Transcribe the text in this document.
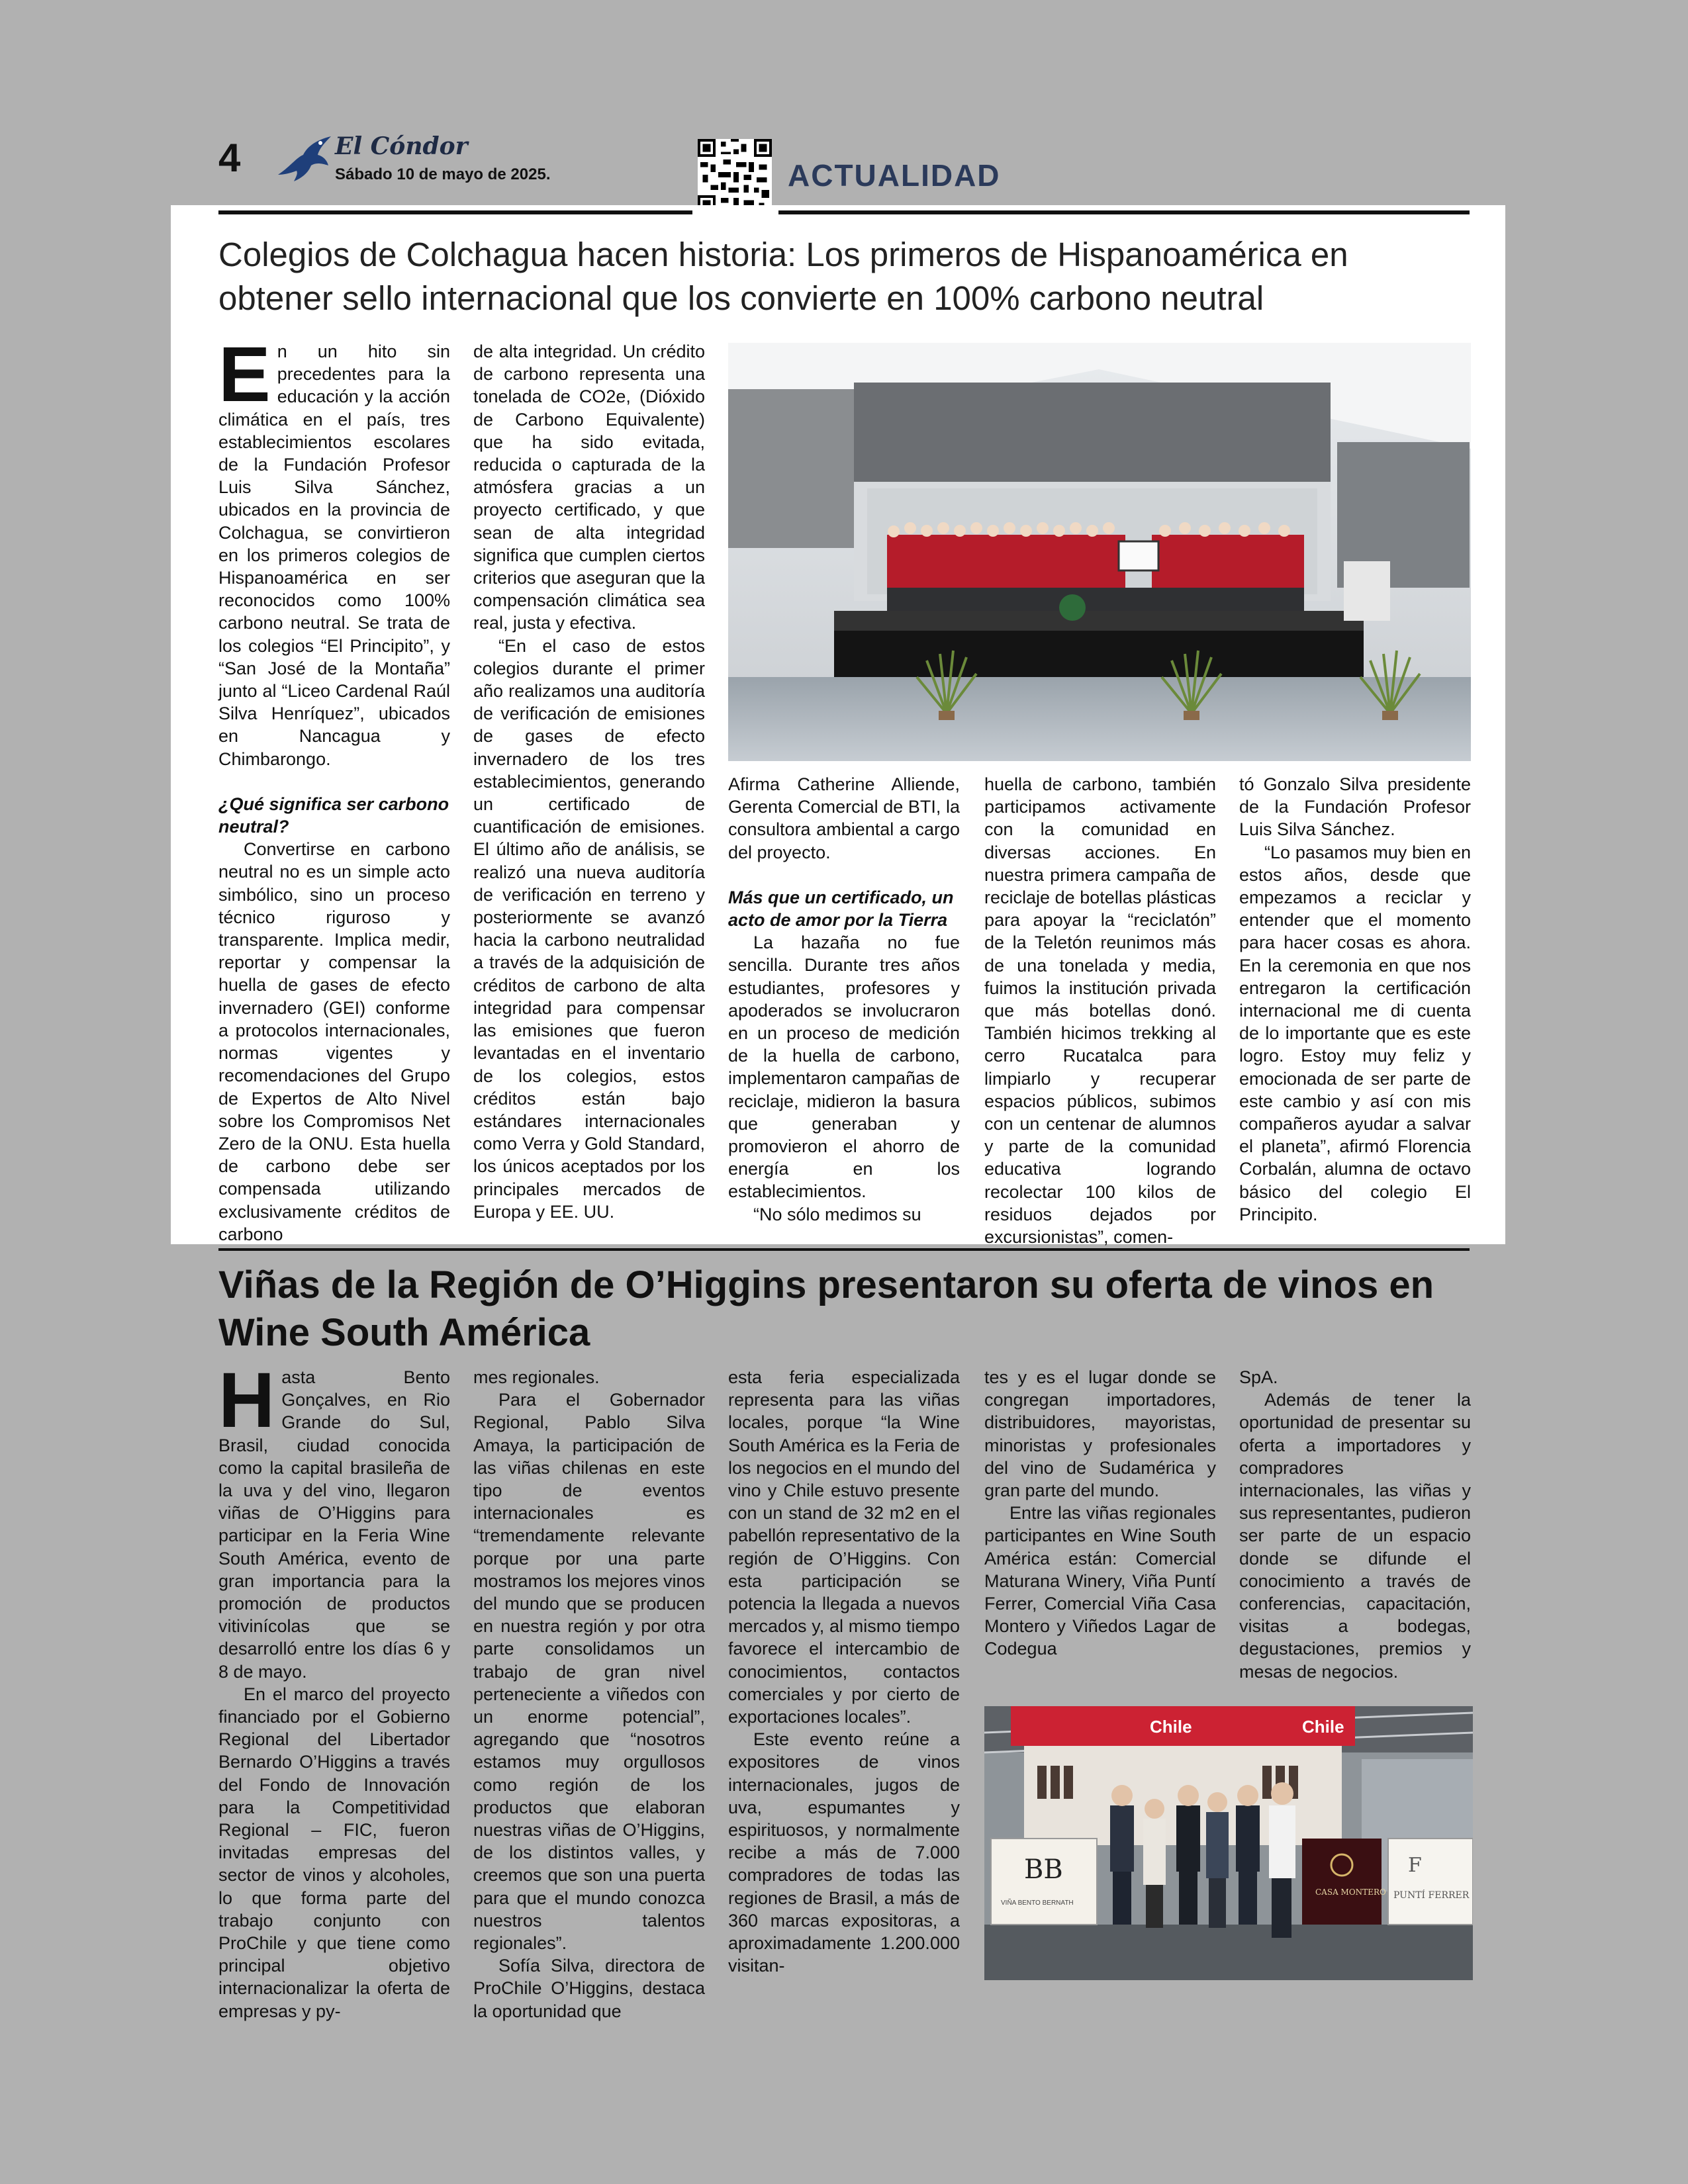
4	El Cóndor
Sábado 10 de mayo de 2025.	ACTUALIDAD
Colegios de Colchagua hacen historia: Los primeros de Hispanoamérica en obtener sello internacional que los convierte en 100% carbono neutral

En un hito sin precedentes para la educación y la acción climática en el país, tres establecimientos escolares de la Fundación Profesor Luis Silva Sánchez, ubicados en la provincia de Colchagua, se convirtieron en los primeros colegios de Hispanoamérica en ser reconocidos como 100% carbono neutral. Se trata de los colegios “El Principito”, y “San José de la Montaña” junto al “Liceo Cardenal Raúl Silva Henríquez”, ubicados en Nancagua y Chimbarongo.

¿Qué significa ser carbono neutral?

Convertirse en carbono neutral no es un simple acto simbólico, sino un proceso técnico riguroso y transparente. Implica medir, reportar y compensar la huella de gases de efecto invernadero (GEI) conforme a protocolos internacionales, normas vigentes y recomendaciones del Grupo de Expertos de Alto Nivel sobre los Compromisos Net Zero de la ONU. Esta huella de carbono debe ser compensada utilizando exclusivamente créditos de carbono

de alta integridad. Un crédito de carbono representa una tonelada de CO2e, (Dióxido de Carbono Equivalente) que ha sido evitada, reducida o capturada de la atmósfera gracias a un proyecto certificado, y que sean de alta integridad significa que cumplen ciertos criterios que aseguran que la compensación climática sea real, justa y efectiva.

“En el caso de estos colegios durante el primer año realizamos una auditoría de verificación de emisiones de gases de efecto invernadero de los tres establecimientos, generando un certificado de cuantificación de emisiones. El último año de análisis, se realizó una nueva auditoría de verificación en terreno y posteriormente se avanzó hacia la carbono neutralidad a través de la adquisición de créditos de carbono de alta integridad para compensar las emisiones que fueron levantadas en el inventario de los colegios, estos créditos están bajo estándares internacionales como Verra y Gold Standard, los únicos aceptados por los principales mercados de Europa y EE. UU.

Afirma Catherine Alliende, Gerenta Comercial de BTI, la consultora ambiental a cargo del proyecto.

Más que un certificado, un acto de amor por la Tierra

La hazaña no fue sencilla. Durante tres años estudiantes, profesores y apoderados se involucraron en un proceso de medición de la huella de carbono, implementaron campañas de reciclaje, midieron la basura que generaban y promovieron el ahorro de energía en los establecimientos.

“No sólo medimos su

huella de carbono, también participamos activamente con la comunidad en diversas acciones. En nuestra primera campaña de reciclaje de botellas plásticas para apoyar la “reciclatón” de la Teletón reunimos más de una tonelada y media, fuimos la institución privada que más botellas donó. También hicimos trekking al cerro Rucatalca para limpiarlo y recuperar espacios públicos, subimos con un centenar de alumnos y parte de la comunidad educativa logrando recolectar 100 kilos de residuos dejados por excursionistas”, comen-

tó Gonzalo Silva presidente de la Fundación Profesor Luis Silva Sánchez.

“Lo pasamos muy bien en estos años, desde que empezamos a reciclar y entender que el momento para hacer cosas es ahora. En la ceremonia en que nos entregaron la certificación internacional me di cuenta de lo importante que es este logro. Estoy muy feliz y emocionada de ser parte de este cambio y así con mis compañeros ayudar a salvar el planeta”, afirmó Florencia Corbalán, alumna de octavo básico del colegio El Principito.

Viñas de la Región de O’Higgins presentaron su oferta de vinos en Wine South América

Hasta Bento Gonçalves, en Rio Grande do Sul, Brasil, ciudad conocida como la capital brasileña de la uva y del vino, llegaron viñas de O’Higgins para participar en la Feria Wine South América, evento de gran importancia para la promoción de productos vitivinícolas que se desarrolló entre los días 6 y 8 de mayo.

En el marco del proyecto financiado por el Gobierno Regional del Libertador Bernardo O’Higgins a través del Fondo de Innovación para la Competitividad Regional – FIC, fueron invitadas empresas del sector de vinos y alcoholes, lo que forma parte del trabajo conjunto con ProChile y que tiene como principal objetivo internacionalizar la oferta de empresas y py-

mes regionales.

Para el Gobernador Regional, Pablo Silva Amaya, la participación de las viñas chilenas en este tipo de eventos internacionales es “tremendamente relevante porque por una parte mostramos los mejores vinos del mundo que se producen en nuestra región y por otra parte consolidamos un trabajo de gran nivel perteneciente a viñedos con un enorme potencial”, agregando que “nosotros estamos muy orgullosos como región de los productos que elaboran nuestras viñas de O’Higgins, de los distintos valles, y creemos que son una puerta para que el mundo conozca nuestros talentos regionales”.

Sofía Silva, directora de ProChile O’Higgins, destaca la oportunidad que

esta feria especializada representa para las viñas locales, porque “la Wine South América es la Feria de los negocios en el mundo del vino y Chile estuvo presente con un stand de 32 m2 en el pabellón representativo de la región de O’Higgins. Con esta participación se potencia la llegada a nuevos mercados y, al mismo tiempo favorece el intercambio de conocimientos, contactos comerciales y por cierto de exportaciones locales”.

Este evento reúne a expositores de vinos internacionales, jugos de uva, espumantes y espirituosos, y normalmente recibe a más de 7.000 compradores de todas las regiones de Brasil, a más de 360 marcas expositoras, a aproximadamente 1.200.000 visitan-

tes y es el lugar donde se congregan importadores, distribuidores, mayoristas, minoristas y profesionales del vino de Sudamérica y gran parte del mundo.

Entre las viñas regionales participantes en Wine South América están: Comercial Maturana Winery, Viña Puntí Ferrer, Comercial Viña Casa Montero y Viñedos Lagar de Codegua

SpA.

Además de tener la oportunidad de presentar su oferta a importadores y compradores internacionales, las viñas y sus representantes, pudieron ser parte de un espacio donde se difunde el conocimiento a través de conferencias, capacitación, visitas a bodegas, degustaciones, premios y mesas de negocios.

Chile	Chile
BB
VIÑA BENTO BERNATH
CASA MONTERO
F
PUNTÍ FERRER
